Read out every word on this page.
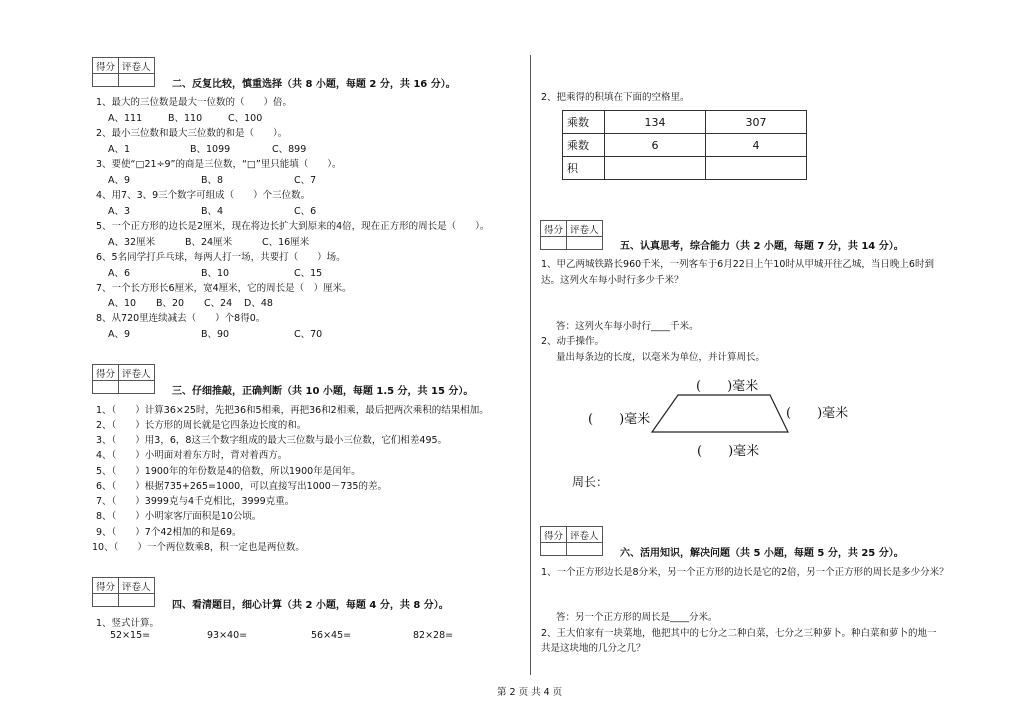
得分	评卷人

二、反复比较，慎重选择（共 8 小题，每题 2 分，共 16 分）。
1、最大的三位数是最大一位数的（　　）倍。
A、111	B、110	C、100
2、最小三位数和最大三位数的和是（　　）。
A、1	B、1099	C、899
3、要使“□21÷9”的商是三位数，“□”里只能填（　　）。
A、9	B、8	C、7
4、用7、3、9三个数字可组成（　　）个三位数。
A、3	B、4	C、6
5、一个正方形的边长是2厘米，现在将边长扩大到原来的4倍，现在正方形的周长是（　　）。
A、32厘米	B、24厘米	C、16厘米
6、5名同学打乒乓球，每两人打一场，共要打（　　）场。
A、6	B、10	C、15
7、一个长方形长6厘米，宽4厘米，它的周长是（　）厘米。
A、10 B、20 C、24 D、48
8、从720里连续减去（　　）个8得0。
A、9	B、90	C、70
得分	评卷人

三、仔细推敲，正确判断（共 10 小题，每题 1.5 分，共 15 分）。
1、（　　）计算36×25时，先把36和5相乘，再把36和2相乘，最后把两次乘积的结果相加。
2、（　　）长方形的周长就是它四条边长度的和。
3、（　　）用3，6，8这三个数字组成的最大三位数与最小三位数，它们相差495。
4、（　　）小明面对着东方时，背对着西方。
5、（　　）1900年的年份数是4的倍数，所以1900年是闰年。
6、（　　）根据735+265=1000，可以直接写出1000－735的差。
7、（　　）3999克与4千克相比，3999克重。
8、（　　）小明家客厅面积是10公顷。
9、（　　）7个42相加的和是69。
10、（　　）一个两位数乘8，积一定也是两位数。
得分	评卷人

四、看清题目，细心计算（共 2 小题，每题 4 分，共 8 分）。
1、竖式计算。
52×15=	93×40=	56×45=	82×28=
2、把乘得的积填在下面的空格里。
乘数	134	307
乘数	6	4
积		
得分	评卷人

五、认真思考，综合能力（共 2 小题，每题 7 分，共 14 分）。
1、甲乙两城铁路长960千米，一列客车于6月22日上午10时从甲城开往乙城，当日晚上6时到
达。这列火车每小时行多少千米？
答：这列火车每小时行____千米。
2、动手操作。
量出每条边的长度，以毫米为单位，并计算周长。
(　　)毫米
(　　)毫米	(　　)毫米
(　　)毫米
周长：
得分	评卷人

六、活用知识，解决问题（共 5 小题，每题 5 分，共 25 分）。
1、一个正方形边长是8分米，另一个正方形的边长是它的2倍，另一个正方形的周长是多少分米？
答：另一个正方形的周长是____分米。
2、王大伯家有一块菜地，他把其中的七分之二种白菜，七分之三种萝卜。种白菜和萝卜的地一
共是这块地的几分之几？
第 2 页 共 4 页
